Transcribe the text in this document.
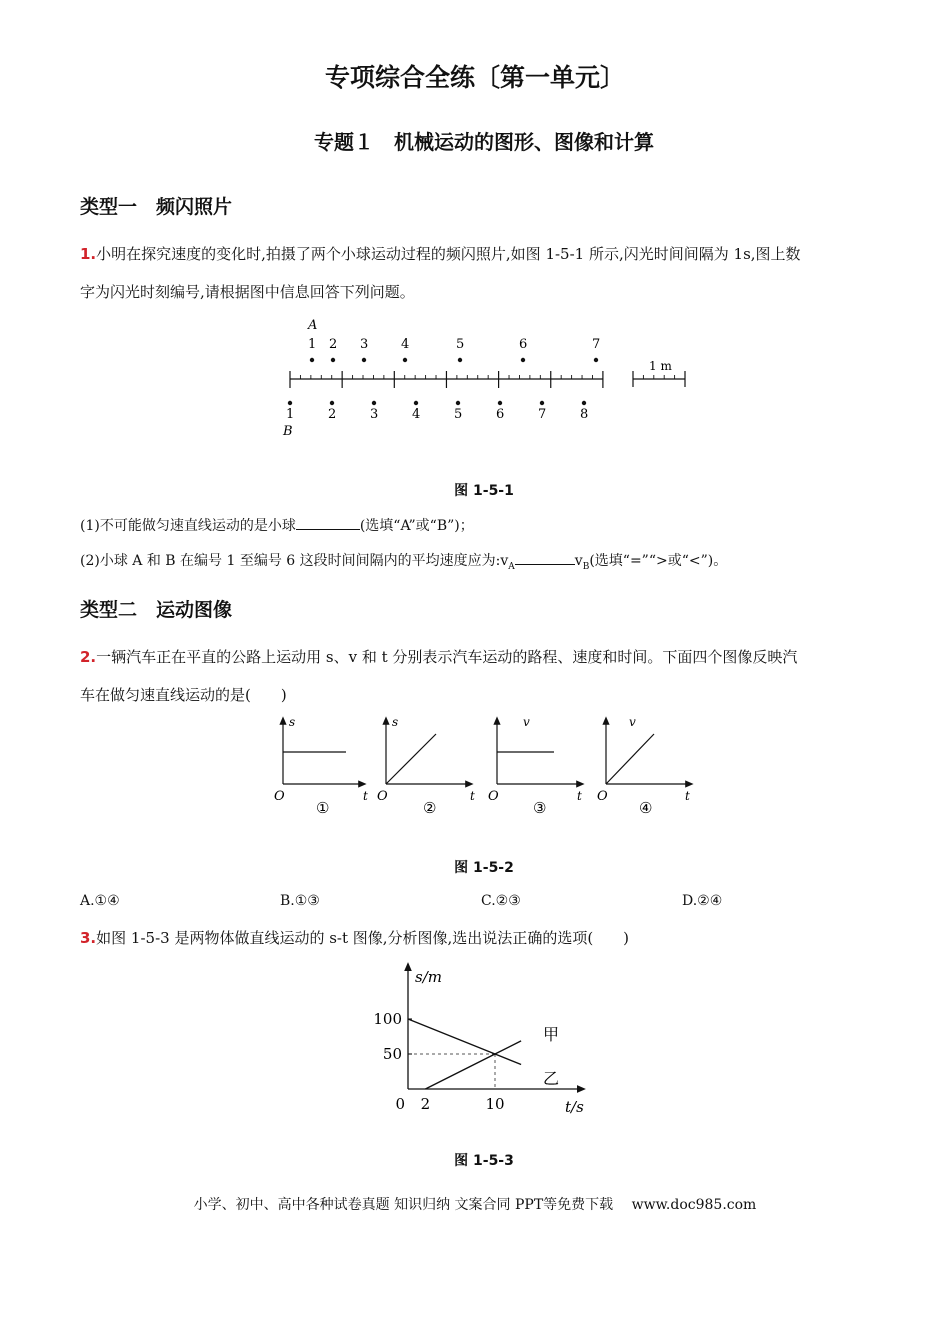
专项综合全练〔第一单元〕
专题１　机械运动的图形、图像和计算
类型一　频闪照片
1.小明在探究速度的变化时,拍摄了两个小球运动过程的频闪照片,如图 1-5-1 所示,闪光时间间隔为 1s,图上数
字为闪光时刻编号,请根据图中信息回答下列问题。
A
1 2 3	4	5	6	7
1	2	3	4	5	6	7	8
B
1 m
图 1-5-1
(1)不可能做匀速直线运动的是小球	(选填“A”或“B”)；
(2)小球 A 和 B 在编号 1 至编号 6 这段时间间隔内的平均速度应为$:v_A$	$v_B$(选填“=”“>或“<”)。
类型二　运动图像
2.一辆汽车正在平直的公路上运动用 s、v 和 t 分别表示汽车运动的路程、速度和时间。下面四个图像反映汽
车在做匀速直线运动的是(　　)
s
t
O
①
s
t
O
②
v
t
O
③
v
t
O
④
图 1-5-2
A.①④	B.①③	C.②③	D.②④
3.如图 1-5-3 是两物体做直线运动的 s-t 图像,分析图像,选出说法正确的选项(　　)
s/m
t/s
50
100
0 2	10
甲
乙
图 1-5-3
小学、初中、高中各种试卷真题 知识归纳 文案合同 PPT等免费下载　 www.doc985.com
